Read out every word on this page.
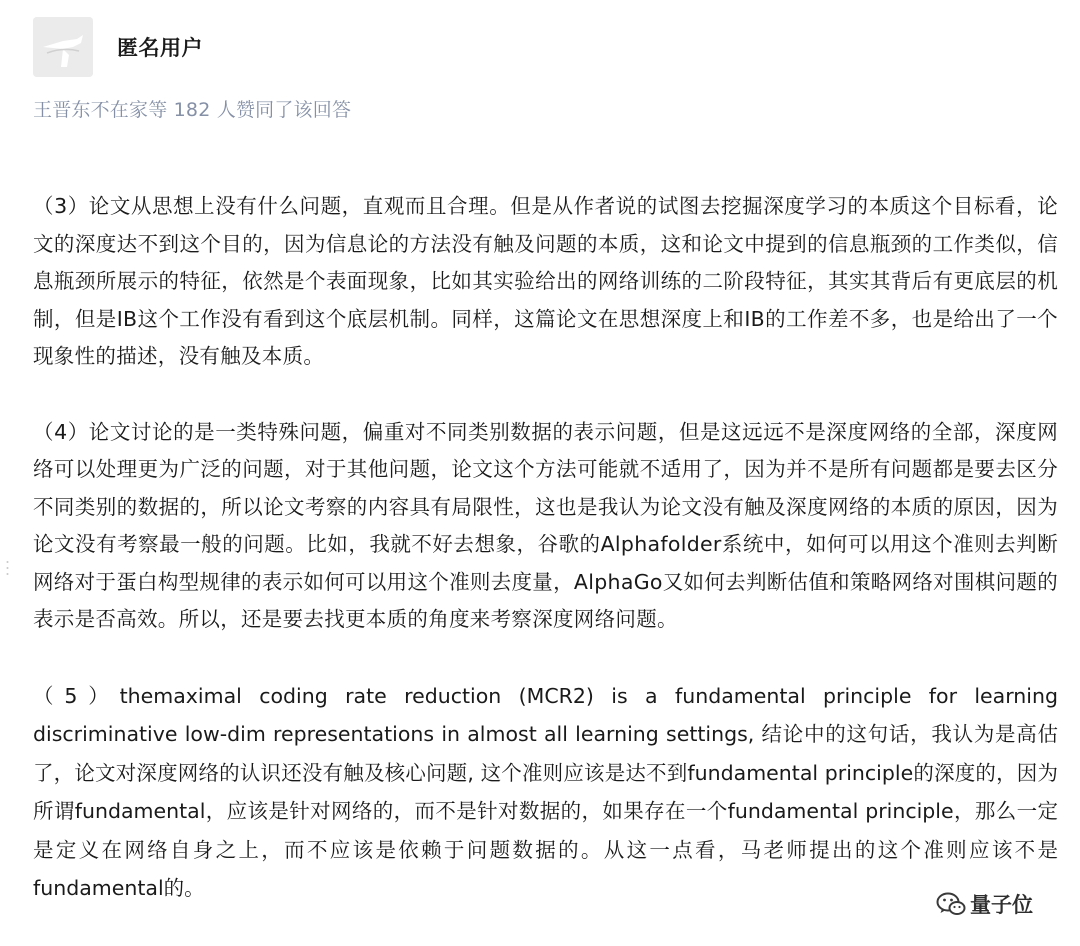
匿名用户
王晋东不在家等 182 人赞同了该回答

（3）论文从思想上没有什么问题，直观而且合理。但是从作者说的试图去挖掘深度学习的本质这个目标看，论文的深度达不到这个目的，因为信息论的方法没有触及问题的本质，这和论文中提到的信息瓶颈的工作类似，信息瓶颈所展示的特征，依然是个表面现象，比如其实验给出的网络训练的二阶段特征，其实其背后有更底层的机制，但是IB这个工作没有看到这个底层机制。同样，这篇论文在思想深度上和IB的工作差不多，也是给出了一个现象性的描述，没有触及本质。

（4）论文讨论的是一类特殊问题，偏重对不同类别数据的表示问题，但是这远远不是深度网络的全部，深度网络可以处理更为广泛的问题，对于其他问题，论文这个方法可能就不适用了，因为并不是所有问题都是要去区分不同类别的数据的，所以论文考察的内容具有局限性，这也是我认为论文没有触及深度网络的本质的原因，因为论文没有考察最一般的问题。比如，我就不好去想象，谷歌的Alphafolder系统中，如何可以用这个准则去判断网络对于蛋白构型规律的表示如何可以用这个准则去度量，AlphaGo又如何去判断估值和策略网络对围棋问题的表示是否高效。所以，还是要去找更本质的角度来考察深度网络问题。

（5）themaximal coding rate reduction (MCR2) is a fundamental principle for learning discriminative low-dim representations in almost all learning settings, 结论中的这句话，我认为是高估了，论文对深度网络的认识还没有触及核心问题, 这个准则应该是达不到fundamental principle的深度的，因为所谓fundamental，应该是针对网络的，而不是针对数据的，如果存在一个fundamental principle，那么一定是定义在网络自身之上，而不应该是依赖于问题数据的。从这一点看，马老师提出的这个准则应该不是fundamental的。

量子位
